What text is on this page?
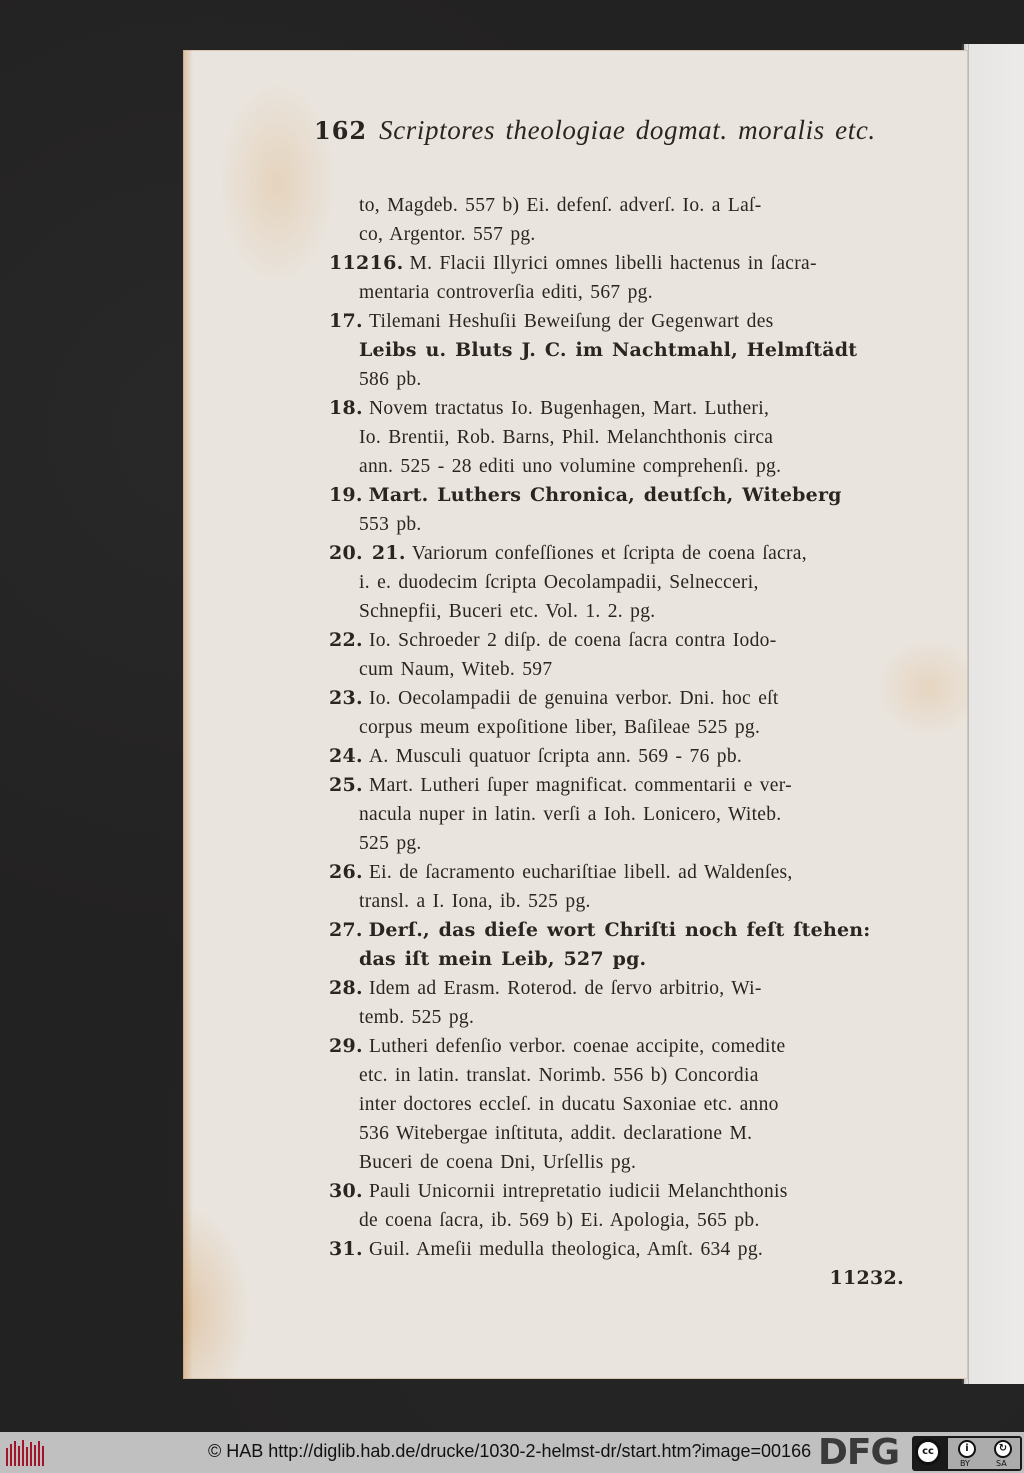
162 Scriptores theologiae dogmat. moralis etc.
to, Magdeb. 557 b) Ei. defenſ. adverſ. Io. a Laſ-
co, Argentor. 557 pg.
11216. M. Flacii Illyrici omnes libelli hactenus in ſacra-
mentaria controverſia editi, 567 pg.
17. Tilemani Heshuſii Beweiſung der Gegenwart des
Leibs u. Bluts J. C. im Nachtmahl, Helmſtädt
586 pb.
18. Novem tractatus Io. Bugenhagen, Mart. Lutheri,
Io. Brentii, Rob. Barns, Phil. Melanchthonis circa
ann. 525 - 28 editi uno volumine comprehenſi. pg.
19. Mart. Luthers Chronica, deutſch, Witeberg
553 pb.
20. 21. Variorum confeſſiones et ſcripta de coena ſacra,
i. e. duodecim ſcripta Oecolampadii, Selnecceri,
Schnepfii, Buceri etc. Vol. 1. 2. pg.
22. Io. Schroeder 2 diſp. de coena ſacra contra Iodo-
cum Naum, Witeb. 597
23. Io. Oecolampadii de genuina verbor. Dni. hoc eſt
corpus meum expoſitione liber, Baſileae 525 pg.
24. A. Musculi quatuor ſcripta ann. 569 - 76 pb.
25. Mart. Lutheri ſuper magnificat. commentarii e ver-
nacula nuper in latin. verſi a Ioh. Lonicero, Witeb.
525 pg.
26. Ei. de ſacramento euchariſtiae libell. ad Waldenſes,
transl. a I. Iona, ib. 525 pg.
27. Derſ., das dieſe wort Chriſti noch feſt ſtehen:
das iſt mein Leib, 527 pg.
28. Idem ad Erasm. Roterod. de ſervo arbitrio, Wi-
temb. 525 pg.
29. Lutheri defenſio verbor. coenae accipite, comedite
etc. in latin. translat. Norimb. 556 b) Concordia
inter doctores eccleſ. in ducatu Saxoniae etc. anno
536 Witebergae inſtituta, addit. declaratione M.
Buceri de coena Dni, Urſellis pg.
30. Pauli Unicornii intrepretatio iudicii Melanchthonis
de coena ſacra, ib. 569 b) Ei. Apologia, 565 pb.
31. Guil. Ameſii medulla theologica, Amſt. 634 pg.
11232.
© HAB http://diglib.hab.de/drucke/1030-2-helmst-dr/start.htm?image=00166 DFG	cc	i	↻
BY	SA
